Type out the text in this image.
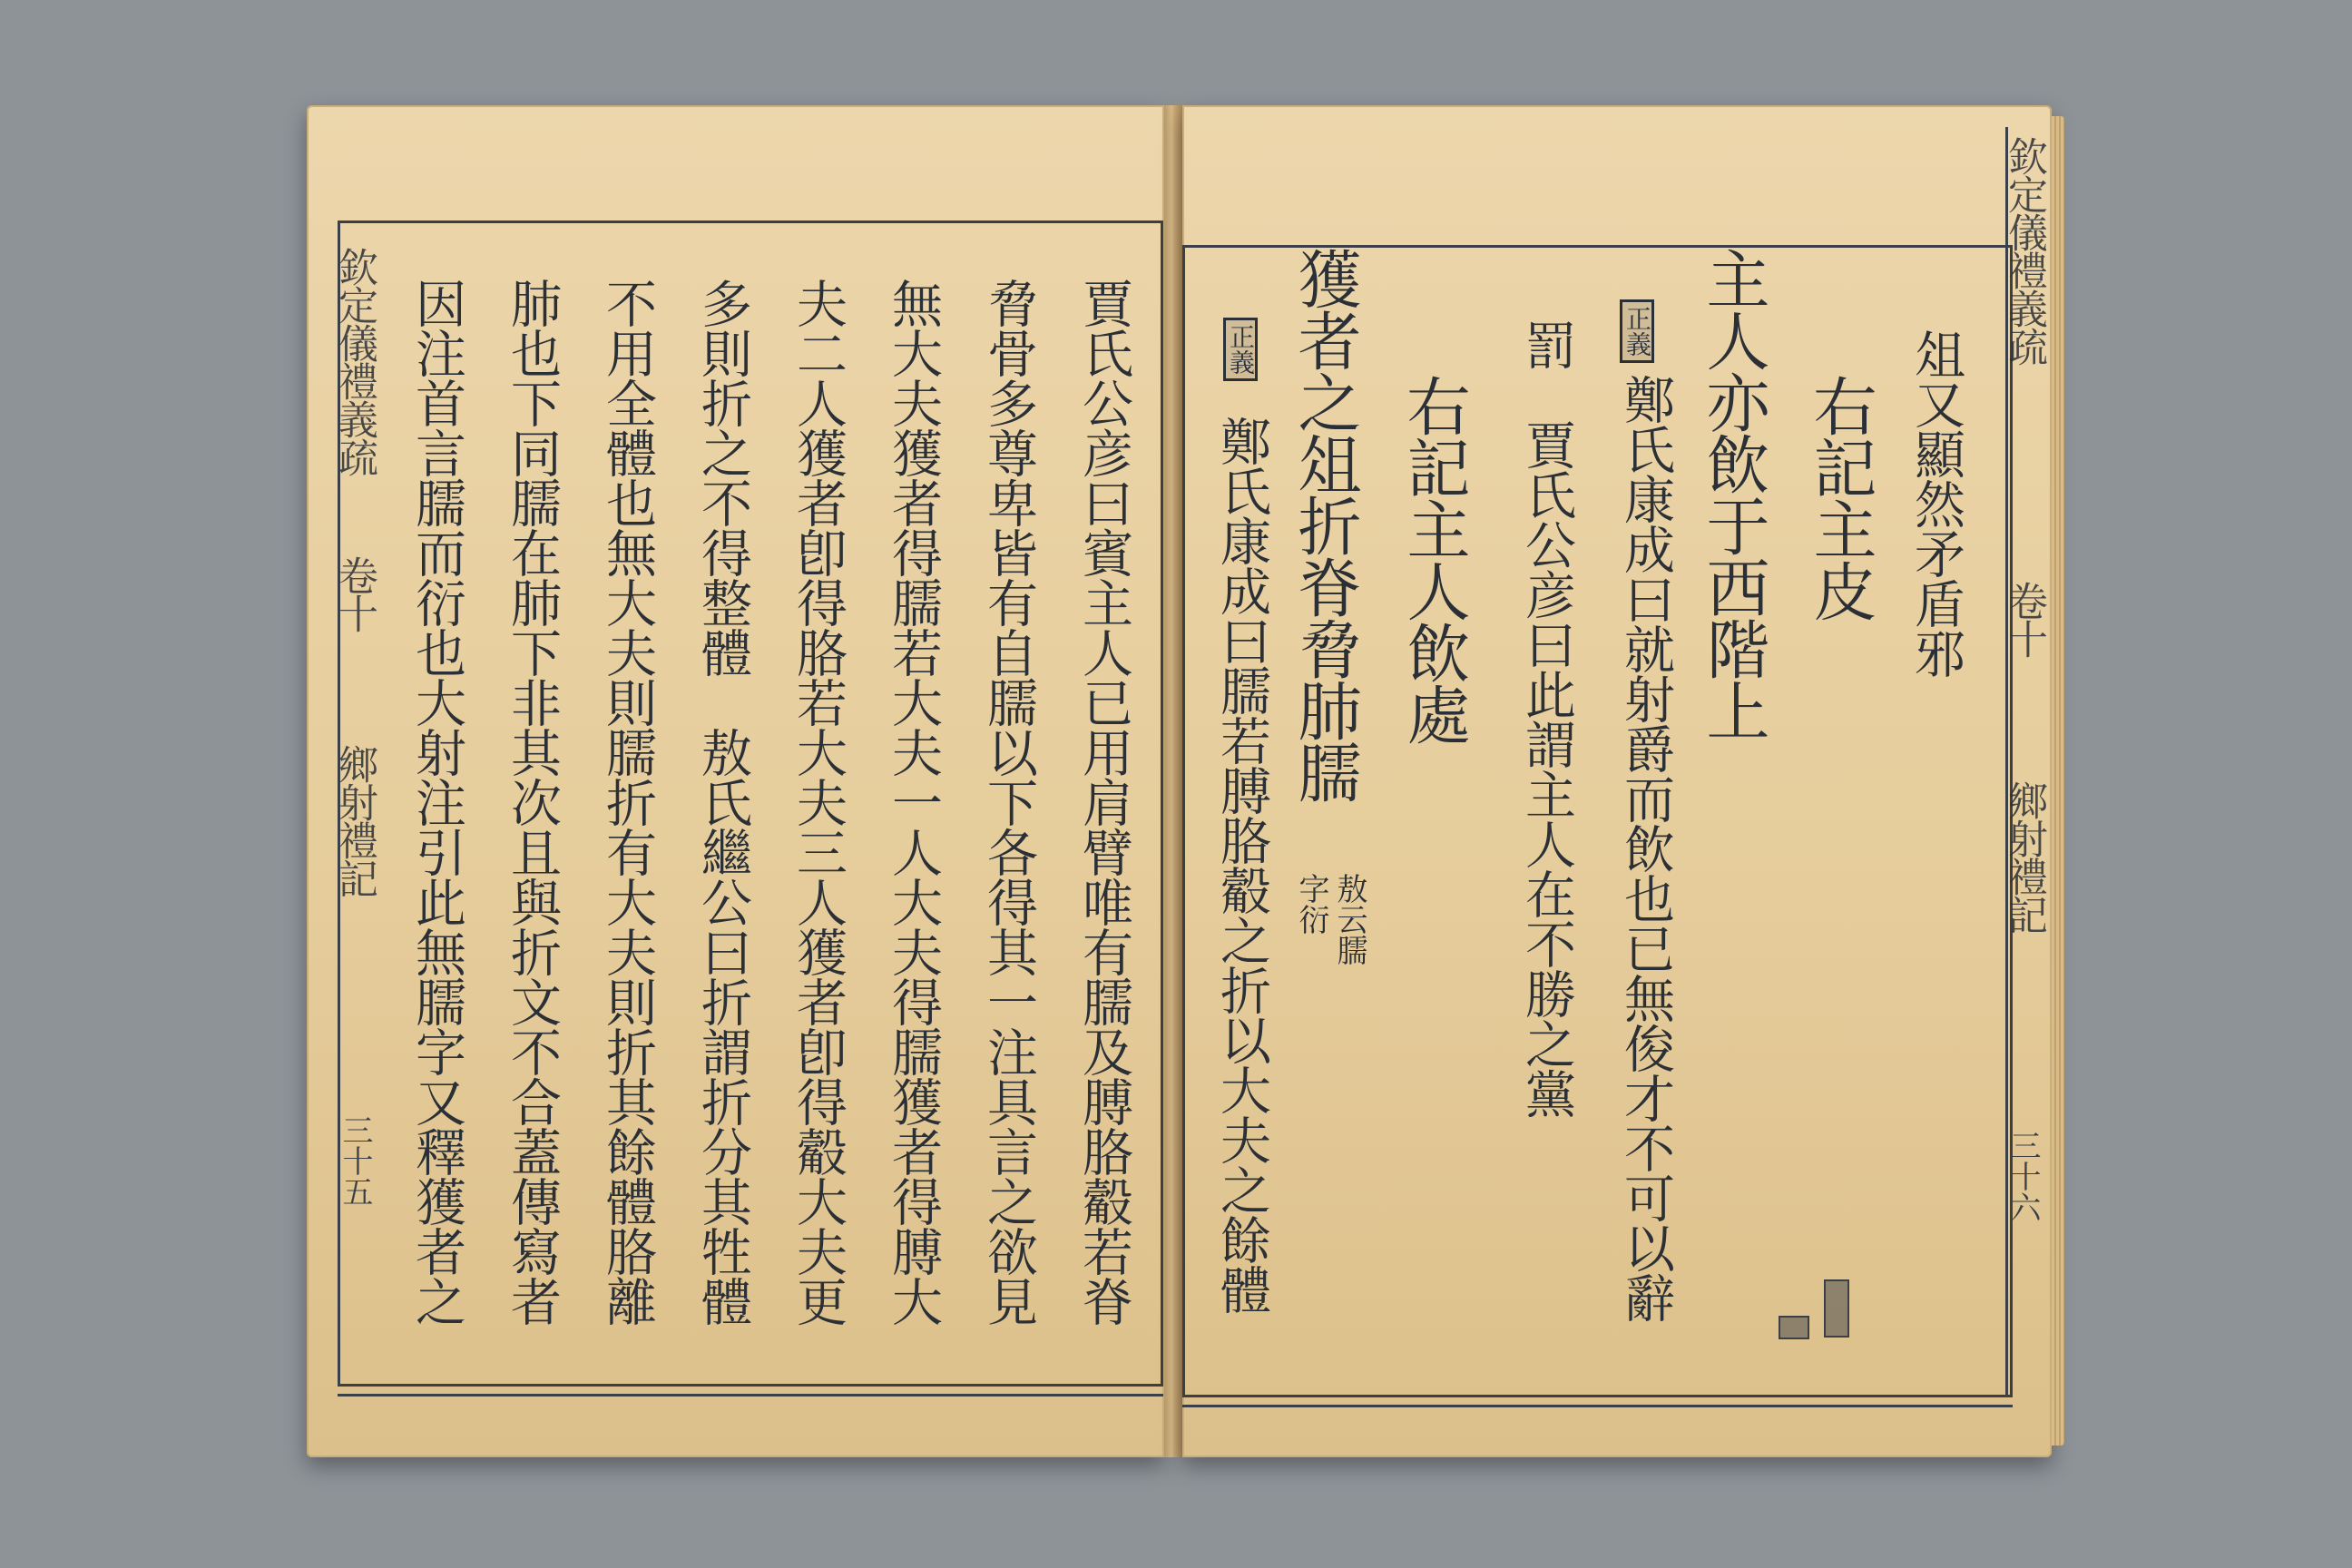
欽定儀禮義疏
卷十
鄉射禮記
三十五	賈氏公彦曰賓主人已用肩臂唯有臑及膊胳觳若脊
脅骨多尊卑皆有自臑以下各得其一注具言之欲見
無大夫獲者得臑若大夫一人大夫得臑獲者得膊大
夫二人獲者卽得胳若大夫三人獲者卽得觳大夫更
多則折之不得整體　敖氏繼公曰折謂折分其牲體
不用全體也無大夫則臑折有大夫則折其餘體胳離
肺也下同臑在肺下非其次且與折文不合蓋傳寫者
因注首言臑而衍也大射注引此無臑字又釋獲者之
欽定儀禮義疏
卷十
鄉射禮記
三十六
俎又顯然矛盾邪
右記主皮
主人亦飲于西階上
正義
鄭氏康成曰就射爵而飲也已無俊才不可以辭
罰　賈氏公彦曰此謂主人在不勝之黨
右記主人飲處
獲者之俎折脊脅肺臑
敖云臑
字衍
正義
鄭氏康成曰臑若膊胳觳之折以大夫之餘體
